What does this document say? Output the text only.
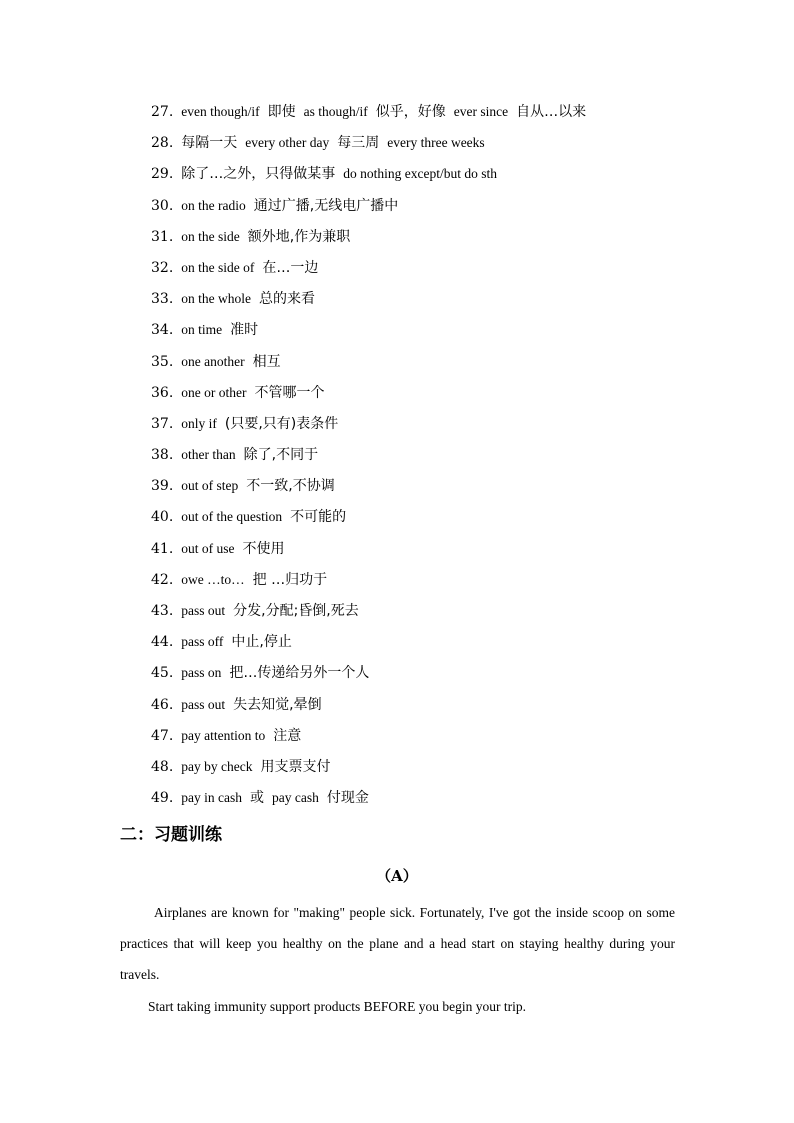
27. even though/if 即使 as though/if 似乎，好像 ever since 自从…以来
28. 每隔一天 every other day 每三周 every three weeks
29. 除了…之外，只得做某事 do nothing except/but do sth
30. on the radio 通过广播,无线电广播中
31. on the side 额外地,作为兼职
32. on the side of 在…一边
33. on the whole 总的来看
34. on time 准时
35. one another 相互
36. one or other 不管哪一个
37. only if (只要,只有)表条件
38. other than 除了,不同于
39. out of step 不一致,不协调
40. out of the question 不可能的
41. out of use 不使用
42. owe …to… 把 …归功于
43. pass out 分发,分配;昏倒,死去
44. pass off 中止,停止
45. pass on 把…传递给另外一个人
46. pass out 失去知觉,晕倒
47. pay attention to 注意
48. pay by check 用支票支付
49. pay in cash 或 pay cash 付现金
二：习题训练
（A）

Airplanes are known for "making" people sick. Fortunately, I've got the inside scoop on some practices that will keep you healthy on the plane and a head start on staying healthy during your travels.

Start taking immunity support products BEFORE you begin your trip.
